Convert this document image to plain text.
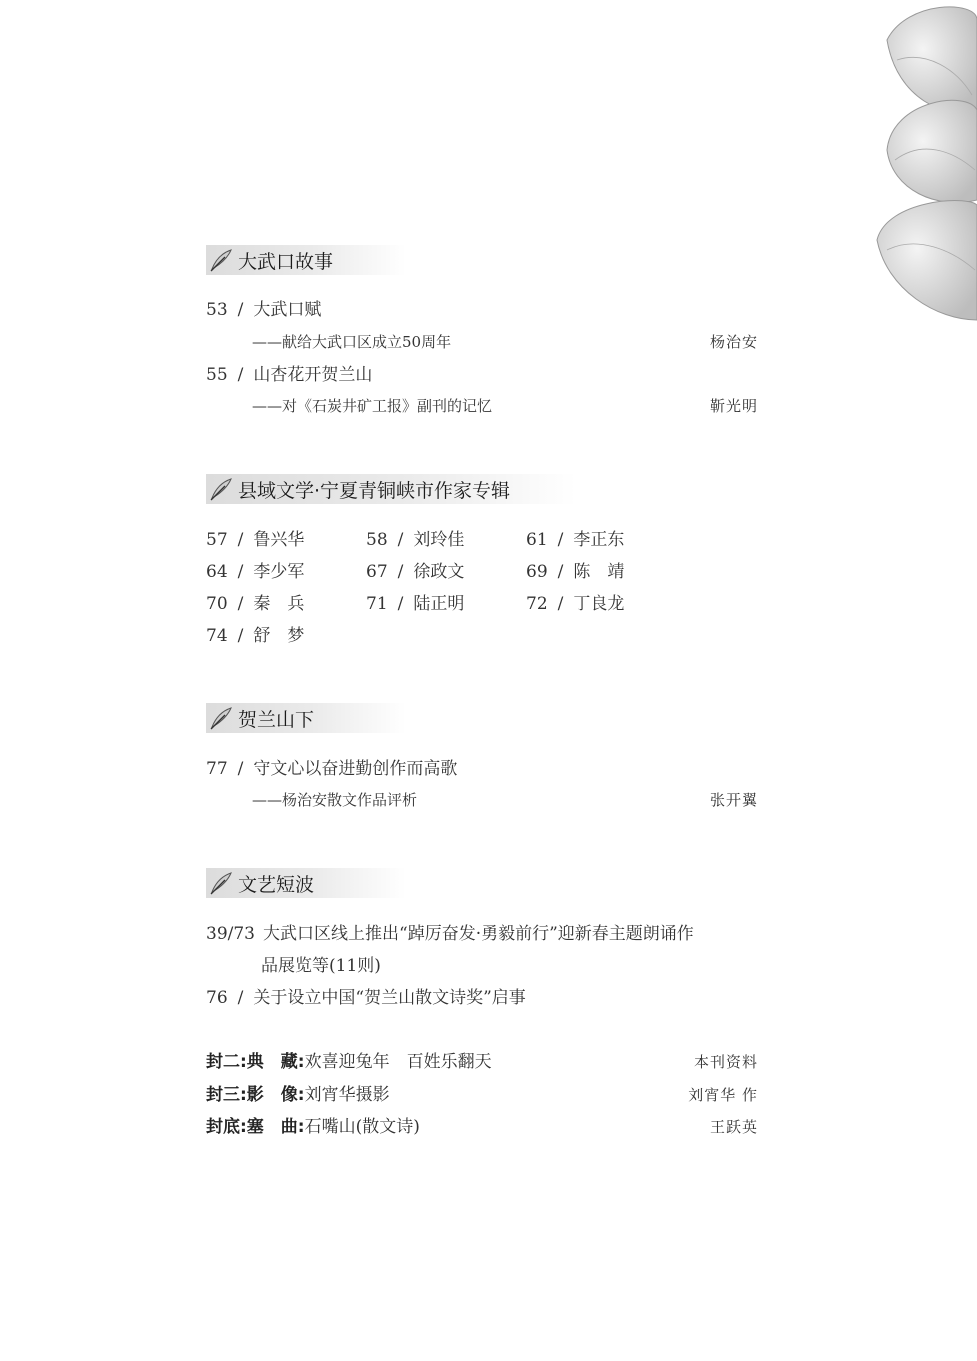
大武口故事
53 / 大武口赋
——献给大武口区成立50周年	杨治安
55 / 山杏花开贺兰山
——对《石炭井矿工报》副刊的记忆	靳光明
县域文学·宁夏青铜峡市作家专辑
57 / 鲁兴华	58 / 刘玲佳	61 / 李正东
64 / 李少军	67 / 徐政文	69 / 陈　靖
70 / 秦　兵	71 / 陆正明	72 / 丁良龙
74 / 舒　梦
贺兰山下
77 / 守文心以奋进勤创作而高歌
——杨治安散文作品评析	张开翼
文艺短波
39/73 大武口区线上推出“踔厉奋发·勇毅前行”迎新春主题朗诵作
品展览等(11则)
76 / 关于设立中国“贺兰山散文诗奖”启事
封二:典　藏:欢喜迎兔年　百姓乐翻天	本刊资料
封三:影　像:刘宵华摄影	刘宵华 作
封底:塞　曲:石嘴山(散文诗)	王跃英
